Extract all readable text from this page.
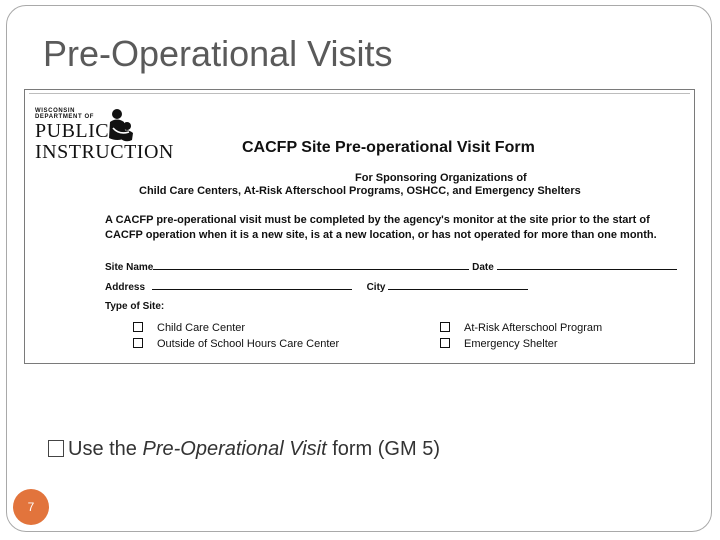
Pre-Operational Visits
WISCONSIN
DEPARTMENT OF
PUBLIC
INSTRUCTION	CACFP Site Pre-operational Visit Form
For Sponsoring Organizations of
Child Care Centers, At-Risk Afterschool Programs, OSHCC, and Emergency Shelters
A CACFP pre-operational visit must be completed by the agency's monitor at the site prior to the start of
CACFP operation when it is a new site, is at a new location, or has not operated for more than one month.
Site Name	Date
Address	City
Type of Site:
Child Care Center	At-Risk Afterschool Program
Outside of School Hours Care Center	Emergency Shelter
Use the Pre-Operational Visit form (GM 5)
7
